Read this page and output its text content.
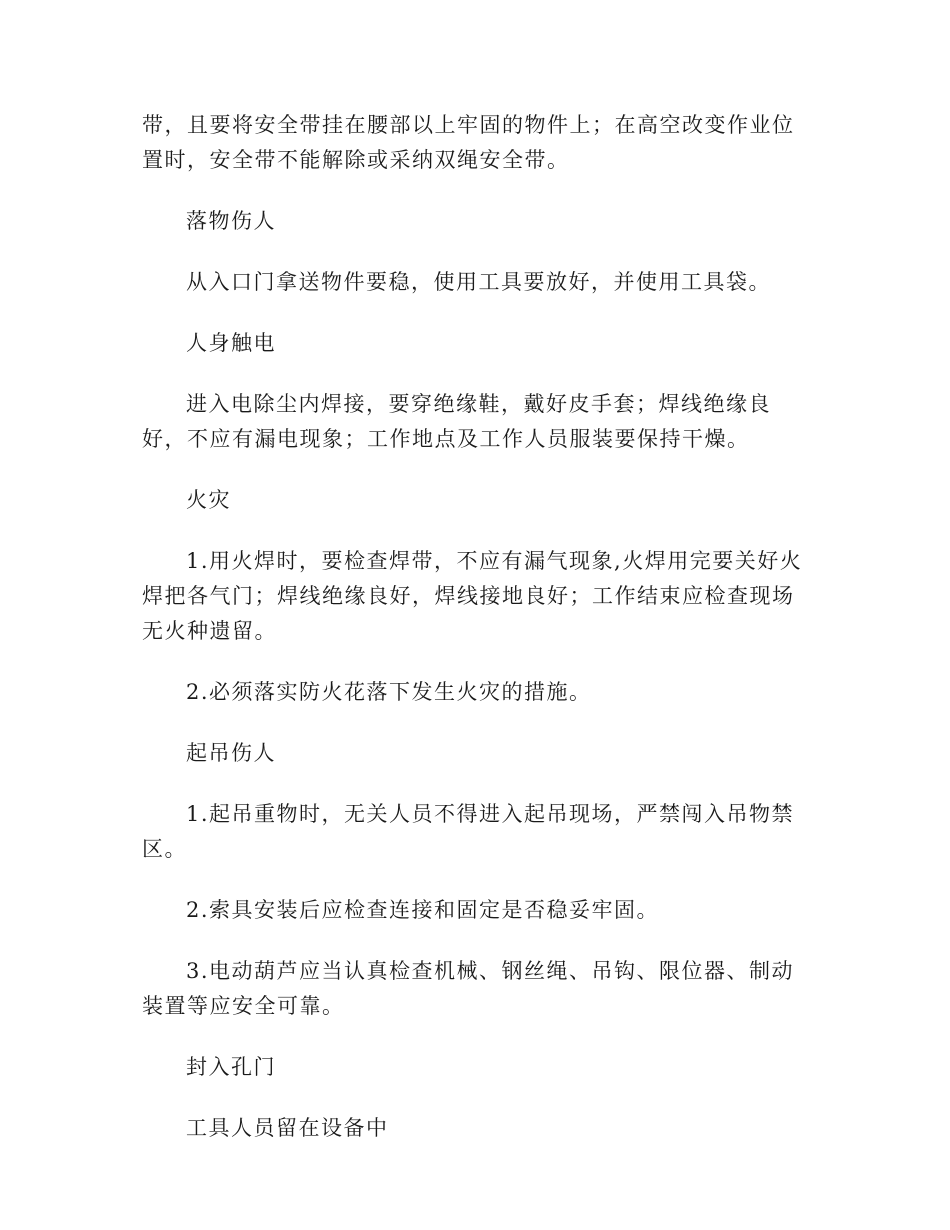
带，且要将安全带挂在腰部以上牢固的物件上；在高空改变作业位置时，安全带不能解除或采纳双绳安全带。

落物伤人

从入口门拿送物件要稳，使用工具要放好，并使用工具袋。

人身触电

进入电除尘内焊接，要穿绝缘鞋，戴好皮手套；焊线绝缘良好，不应有漏电现象；工作地点及工作人员服装要保持干燥。

火灾

1.用火焊时，要检查焊带，不应有漏气现象,火焊用完要关好火焊把各气门；焊线绝缘良好，焊线接地良好；工作结束应检查现场无火种遗留。

2.必须落实防火花落下发生火灾的措施。

起吊伤人

1.起吊重物时，无关人员不得进入起吊现场，严禁闯入吊物禁区。

2.索具安装后应检查连接和固定是否稳妥牢固。

3.电动葫芦应当认真检查机械、钢丝绳、吊钩、限位器、制动装置等应安全可靠。

封入孔门

工具人员留在设备中
